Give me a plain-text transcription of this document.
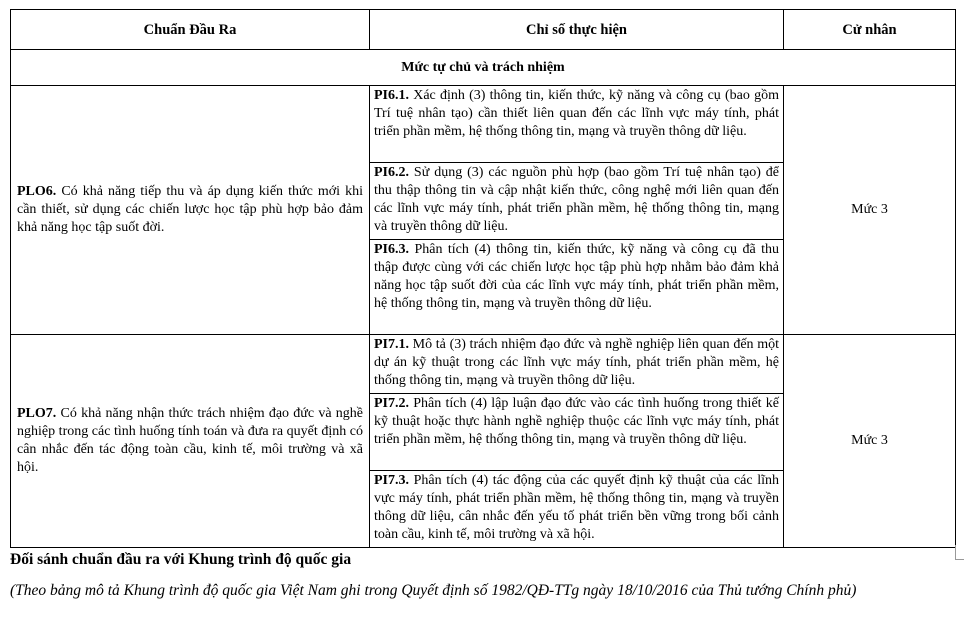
Chuẩn Đầu Ra	Chỉ số thực hiện	Cử nhân
Mức tự chủ và trách nhiệm		
PLO6. Có khả năng tiếp thu và áp dụng kiến thức mới khi cần thiết, sử dụng các chiến lược học tập phù hợp bảo đảm khả năng học tập suốt đời.	PI6.1. Xác định (3) thông tin, kiến thức, kỹ năng và công cụ (bao gồm Trí tuệ nhân tạo) cần thiết liên quan đến các lĩnh vực máy tính, phát triển phần mềm, hệ thống thông tin, mạng và truyền thông dữ liệu.	Mức 3
	PI6.2. Sử dụng (3) các nguồn phù hợp (bao gồm Trí tuệ nhân tạo) để thu thập thông tin và cập nhật kiến thức, công nghệ mới liên quan đến các lĩnh vực máy tính, phát triển phần mềm, hệ thống thông tin, mạng và truyền thông dữ liệu.	
	PI6.3. Phân tích (4) thông tin, kiến thức, kỹ năng và công cụ đã thu thập được cùng với các chiến lược học tập phù hợp nhằm bảo đảm khả năng học tập suốt đời của các lĩnh vực máy tính, phát triển phần mềm, hệ thống thông tin, mạng và truyền thông dữ liệu.	
PLO7. Có khả năng nhận thức trách nhiệm đạo đức và nghề nghiệp trong các tình huống tính toán và đưa ra quyết định có cân nhắc đến tác động toàn cầu, kinh tế, môi trường và xã hội.	PI7.1. Mô tả (3) trách nhiệm đạo đức và nghề nghiệp liên quan đến một dự án kỹ thuật trong các lĩnh vực máy tính, phát triển phần mềm, hệ thống thông tin, mạng và truyền thông dữ liệu.	Mức 3
	PI7.2. Phân tích (4) lập luận đạo đức vào các tình huống trong thiết kế kỹ thuật hoặc thực hành nghề nghiệp thuộc các lĩnh vực máy tính, phát triển phần mềm, hệ thống thông tin, mạng và truyền thông dữ liệu.	
	PI7.3. Phân tích (4) tác động của các quyết định kỹ thuật của các lĩnh vực máy tính, phát triển phần mềm, hệ thống thông tin, mạng và truyền thông dữ liệu, cân nhắc đến yếu tố phát triển bền vững trong bối cảnh toàn cầu, kinh tế, môi trường và xã hội.	
Đối sánh chuẩn đầu ra với Khung trình độ quốc gia
(Theo bảng mô tả Khung trình độ quốc gia Việt Nam ghi trong Quyết định số 1982/QĐ-TTg ngày 18/10/2016 của Thủ tướng Chính phủ)
